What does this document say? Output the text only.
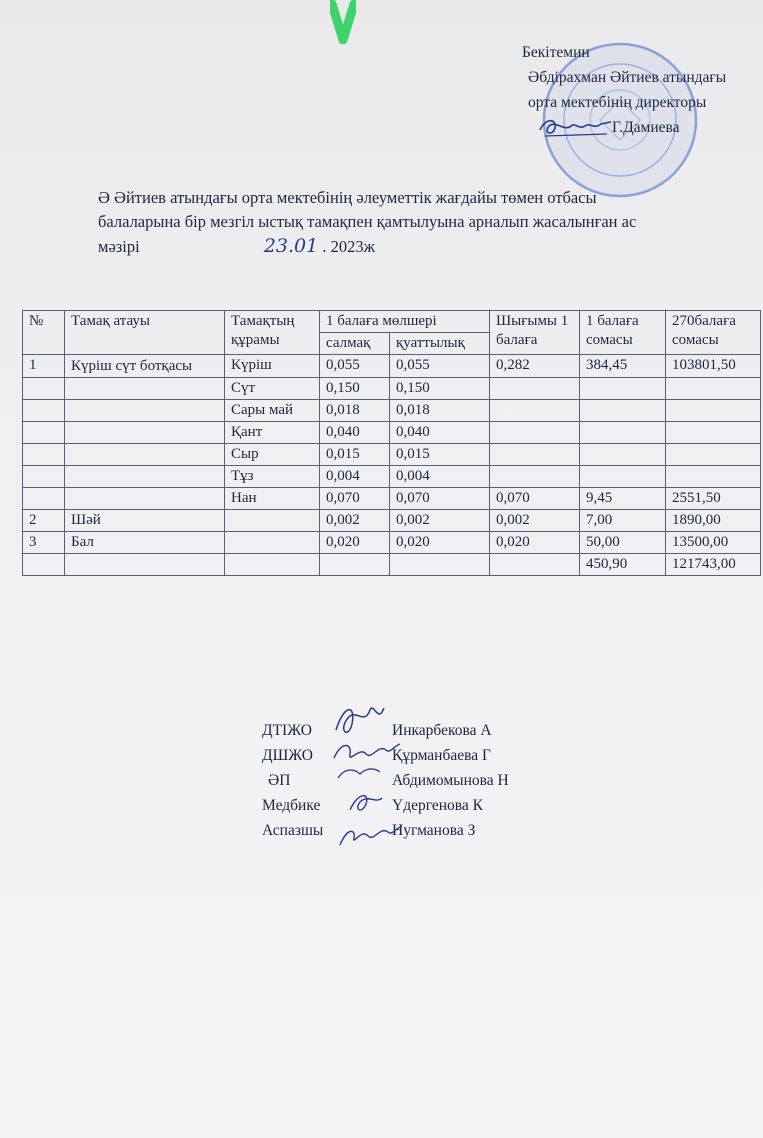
Бекітемин
Әбдірахман Әйтиев атындағы
орта мектебінің директоры
Г.Дамиева
Ә Әйтиев атындағы орта мектебінің әлеуметтік жағдайы төмен отбасы
балаларына бір мезгіл ыстық тамақпен қамтылуына арналып жасалынған ас
мәзірі	23.01 . 2023ж
№	Тамақ атауы	Тамақтың құрамы	1 балаға мөлшері		Шығымы 1 балаға	1 балаға сомасы	270балаға сомасы
			салмақ	қуаттылық			
1	Күріш сүт ботқасы	Күріш	0,055	0,055	0,282	384,45	103801,50
		Сүт	0,150	0,150			
		Сары май	0,018	0,018			
		Қант	0,040	0,040			
		Сыр	0,015	0,015			
		Тұз	0,004	0,004			
		Нан	0,070	0,070	0,070	9,45	2551,50
2	Шәй		0,002	0,002	0,002	7,00	1890,00
3	Бал		0,020	0,020	0,020	50,00	13500,00
						450,90	121743,00
ДТІЖО	Инкарбекова А
ДШЖО	Құрманбаева Г
ӘП	Абдимомынова Н
Медбике	Үдергенова К
Аспазшы	Нугманова З
